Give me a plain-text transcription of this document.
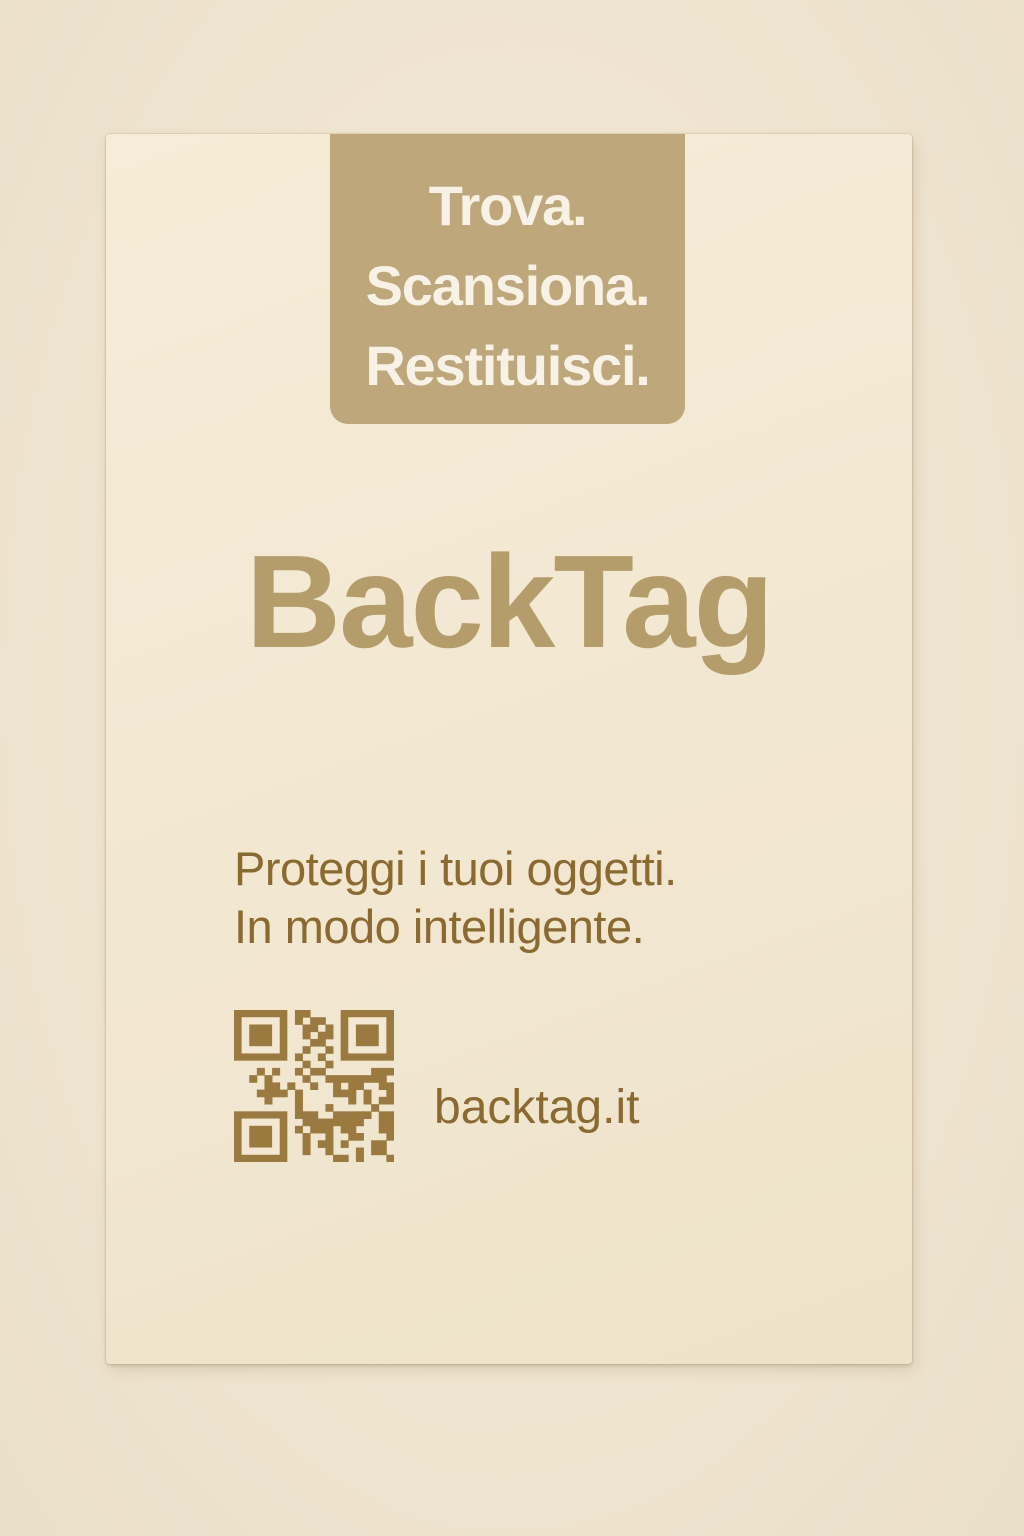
Trova.
Scansiona.
Restituisci.
BackTag
Proteggi i tuoi oggetti.
In modo intelligente.
backtag.it
